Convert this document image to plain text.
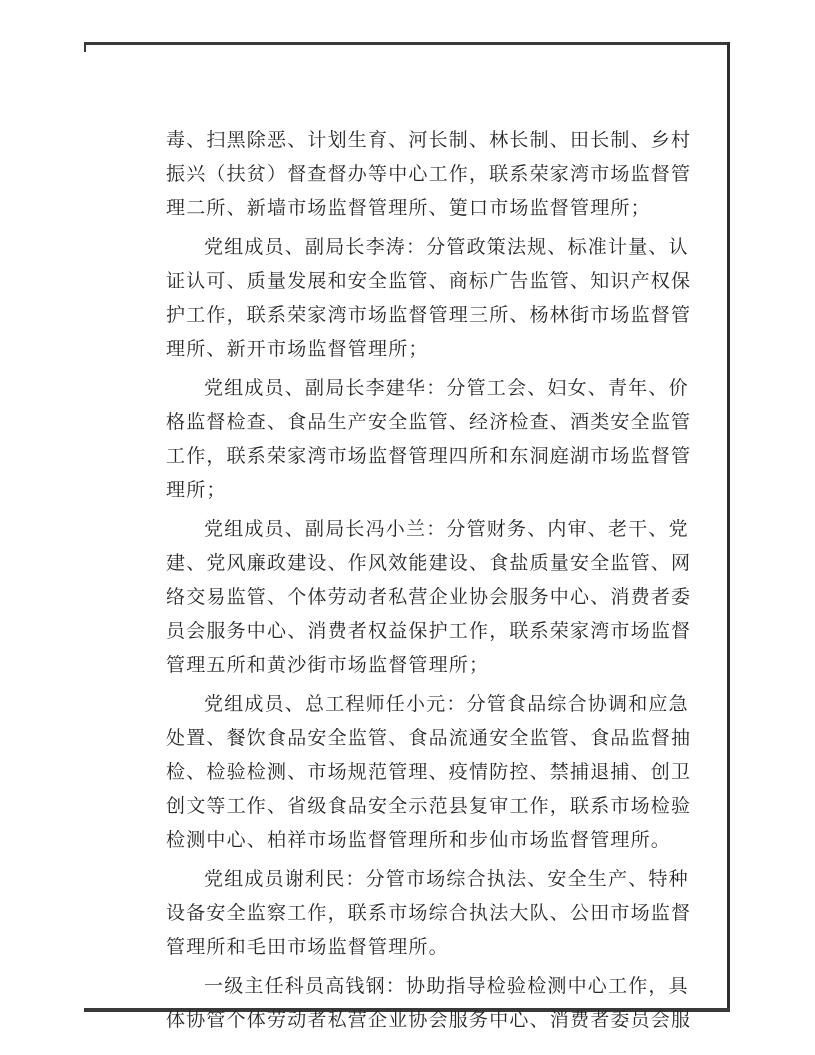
毒、扫黑除恶、计划生育、河长制、林长制、田长制、乡村
振兴（扶贫）督查督办等中心工作，联系荣家湾市场监督管
理二所、新墙市场监督管理所、筻口市场监督管理所；
党组成员、副局长李涛：分管政策法规、标准计量、认
证认可、质量发展和安全监管、商标广告监管、知识产权保
护工作，联系荣家湾市场监督管理三所、杨林街市场监督管
理所、新开市场监督管理所；
党组成员、副局长李建华：分管工会、妇女、青年、价
格监督检查、食品生产安全监管、经济检查、酒类安全监管
工作，联系荣家湾市场监督管理四所和东洞庭湖市场监督管
理所；
党组成员、副局长冯小兰：分管财务、内审、老干、党
建、党风廉政建设、作风效能建设、食盐质量安全监管、网
络交易监管、个体劳动者私营企业协会服务中心、消费者委
员会服务中心、消费者权益保护工作，联系荣家湾市场监督
管理五所和黄沙街市场监督管理所；
党组成员、总工程师任小元：分管食品综合协调和应急
处置、餐饮食品安全监管、食品流通安全监管、食品监督抽
检、检验检测、市场规范管理、疫情防控、禁捕退捕、创卫
创文等工作、省级食品安全示范县复审工作，联系市场检验
检测中心、柏祥市场监督管理所和步仙市场监督管理所。
党组成员谢利民：分管市场综合执法、安全生产、特种
设备安全监察工作，联系市场综合执法大队、公田市场监督
管理所和毛田市场监督管理所。
一级主任科员高钱钢：协助指导检验检测中心工作，具
体协管个体劳动者私营企业协会服务中心、消费者委员会服
